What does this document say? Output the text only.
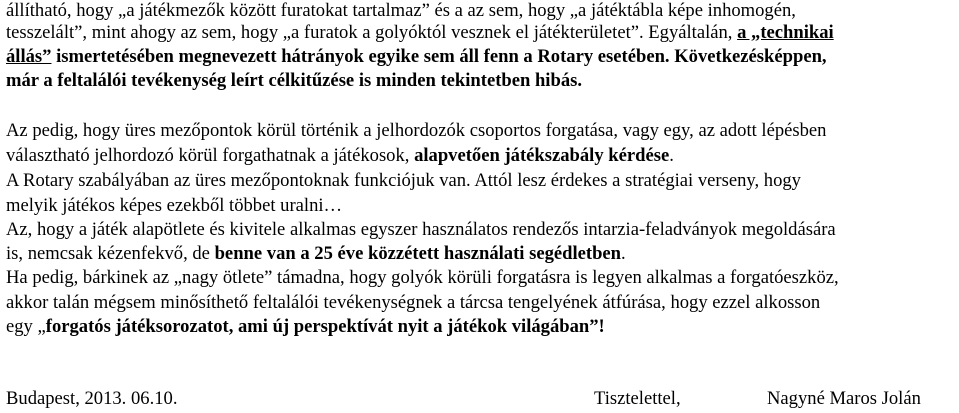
állítható, hogy „a játékmezők között furatokat tartalmaz” és a az sem, hogy „a játéktábla képe inhomogén,
tesszelált”, mint ahogy az sem, hogy „a furatok a golyóktól vesznek el játékterületet”. Egyáltalán, a „technikai
állás” ismertetésében megnevezett hátrányok egyike sem áll fenn a Rotary esetében. Következésképpen,
már a feltalálói tevékenység leírt célkitűzése is minden tekintetben hibás.
Az pedig, hogy üres mezőpontok körül történik a jelhordozók csoportos forgatása, vagy egy, az adott lépésben
választható jelhordozó körül forgathatnak a játékosok, alapvetően játékszabály kérdése.
A Rotary szabályában az üres mezőpontoknak funkciójuk van. Attól lesz érdekes a stratégiai verseny, hogy
melyik játékos képes ezekből többet uralni…
Az, hogy a játék alapötlete és kivitele alkalmas egyszer használatos rendezős intarzia-feladványok megoldására
is, nemcsak kézenfekvő, de benne van a 25 éve közzétett használati segédletben.
Ha pedig, bárkinek az „nagy ötlete” támadna, hogy golyók körüli forgatásra is legyen alkalmas a forgatóeszköz,
akkor talán mégsem minősíthető feltalálói tevékenységnek a tárcsa tengelyének átfúrása, hogy ezzel alkosson
egy „forgatós játéksorozatot, ami új perspektívát nyit a játékok világában”!
Budapest, 2013. 06.10.	Tisztelettel,	Nagyné Maros Jolán
